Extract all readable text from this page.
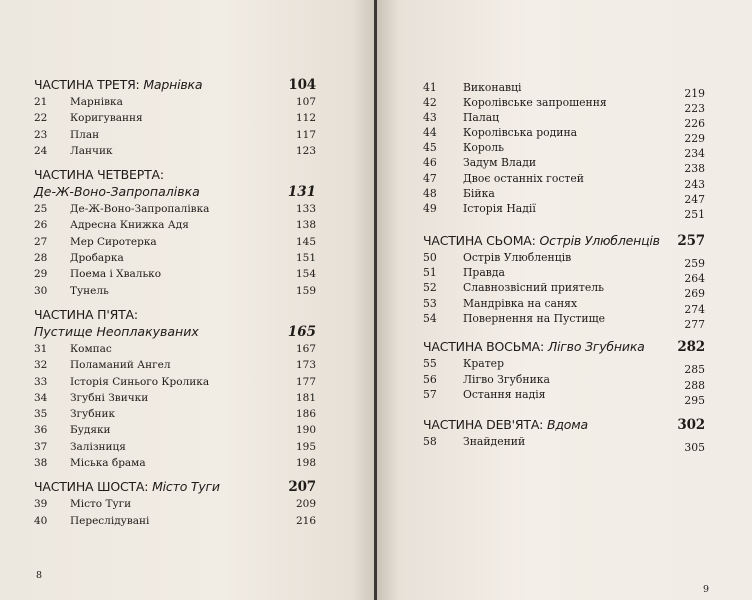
ЧАСТИНА ТРЕТЯ: Марнівка	104
21	Марнівка	107
22	Коригування	112
23	План	117
24	Ланчик	123
ЧАСТИНА ЧЕТВЕРТА:
Де-Ж-Воно-Запропалівка	131
25	Де-Ж-Воно-Запропалівка	133
26	Адресна Книжка Адя	138
27	Мер Сиротерка	145
28	Дробарка	151
29	Поема і Хвалько	154
30	Тунель	159
ЧАСТИНА П'ЯТА:
Пустище Неоплакуваних	165
31	Компас	167
32	Поламаний Ангел	173
33	Історія Синього Кролика	177
34	Згубні Звички	181
35	Згубник	186
36	Будяки	190
37	Залізниця	195
38	Міська брама	198
ЧАСТИНА ШОСТА: Місто Туги	207
39	Місто Туги	209
40	Переслідувані	216
8
41	Виконавці	219
42	Королівське запрошення	223
43	Палац	226
44	Королівська родина	229
45	Король	234
46	Задум Влади	238
47	Двоє останніх гостей	243
48	Бійка	247
49	Історія Надії	251
ЧАСТИНА СЬОМА: Острів Улюбленців 257
50	Острів Улюбленців	259
51	Правда	264
52	Славнозвісний приятель	269
53	Мандрівка на санях	274
54	Повернення на Пустище	277
ЧАСТИНА ВОСЬМА: Лігво Згубника 282
55	Кратер	285
56	Лігво Згубника	288
57	Остання надія	295
ЧАСТИНА DEВ'ЯТА: Вдома	302
58	Знайдений	305
9
